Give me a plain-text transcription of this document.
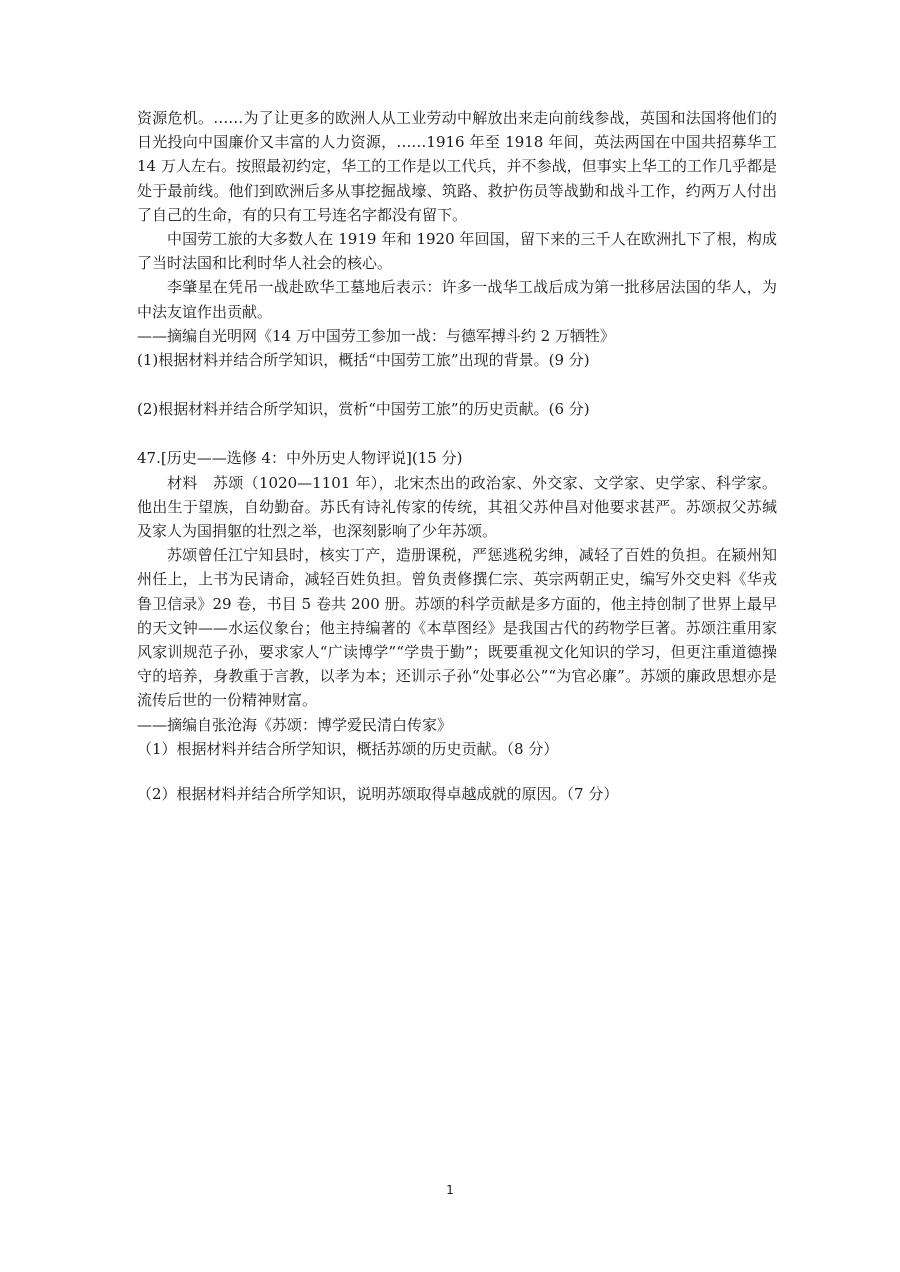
资源危机。……为了让更多的欧洲人从工业劳动中解放出来走向前线参战，英国和法国将他们的日光投向中国廉价又丰富的人力资源，……1916 年至 1918 年间，英法两国在中国共招募华工 14 万人左右。按照最初约定，华工的工作是以工代兵，并不参战，但事实上华工的工作几乎都是处于最前线。他们到欧洲后多从事挖掘战壕、筑路、救护伤员等战勤和战斗工作，约两万人付出了自己的生命，有的只有工号连名字都没有留下。

中国劳工旅的大多数人在 1919 年和 1920 年回国，留下来的三千人在欧洲扎下了根，构成了当时法国和比利时华人社会的核心。

李肇星在凭吊一战赴欧华工墓地后表示：许多一战华工战后成为第一批移居法国的华人，为中法友谊作出贡献。

——摘编自光明网《14 万中国劳工参加一战：与德军搏斗约 2 万牺牲》

(1)根据材料并结合所学知识，概括“中国劳工旅”出现的背景。(9 分)

(2)根据材料并结合所学知识，赏析“中国劳工旅”的历史贡献。(6 分)

47.[历史——选修 4：中外历史人物评说](15 分)

材料　苏颂（1020—1101 年），北宋杰出的政治家、外交家、文学家、史学家、科学家。他出生于望族，自幼勤奋。苏氏有诗礼传家的传统，其祖父苏仲昌对他要求甚严。苏颂叔父苏缄及家人为国捐躯的壮烈之举，也深刻影响了少年苏颂。

苏颂曾任江宁知县时，核实丁产，造册课税，严惩逃税劣绅，减轻了百姓的负担。在颍州知州任上，上书为民请命，减轻百姓负担。曾负责修撰仁宗、英宗两朝正史，编写外交史料《华戎鲁卫信录》29 卷，书目 5 卷共 200 册。苏颂的科学贡献是多方面的，他主持创制了世界上最早的天文钟——水运仪象台；他主持编著的《本草图经》是我国古代的药物学巨著。苏颂注重用家风家训规范子孙，要求家人“广读博学”“学贵于勤”；既要重视文化知识的学习，但更注重道德操守的培养，身教重于言教，以孝为本；还训示子孙“处事必公”“为官必廉”。苏颂的廉政思想亦是流传后世的一份精神财富。

——摘编自张沧海《苏颂：博学爱民清白传家》

（1）根据材料并结合所学知识，概括苏颂的历史贡献。（8 分）

（2）根据材料并结合所学知识，说明苏颂取得卓越成就的原因。（7 分）

1
